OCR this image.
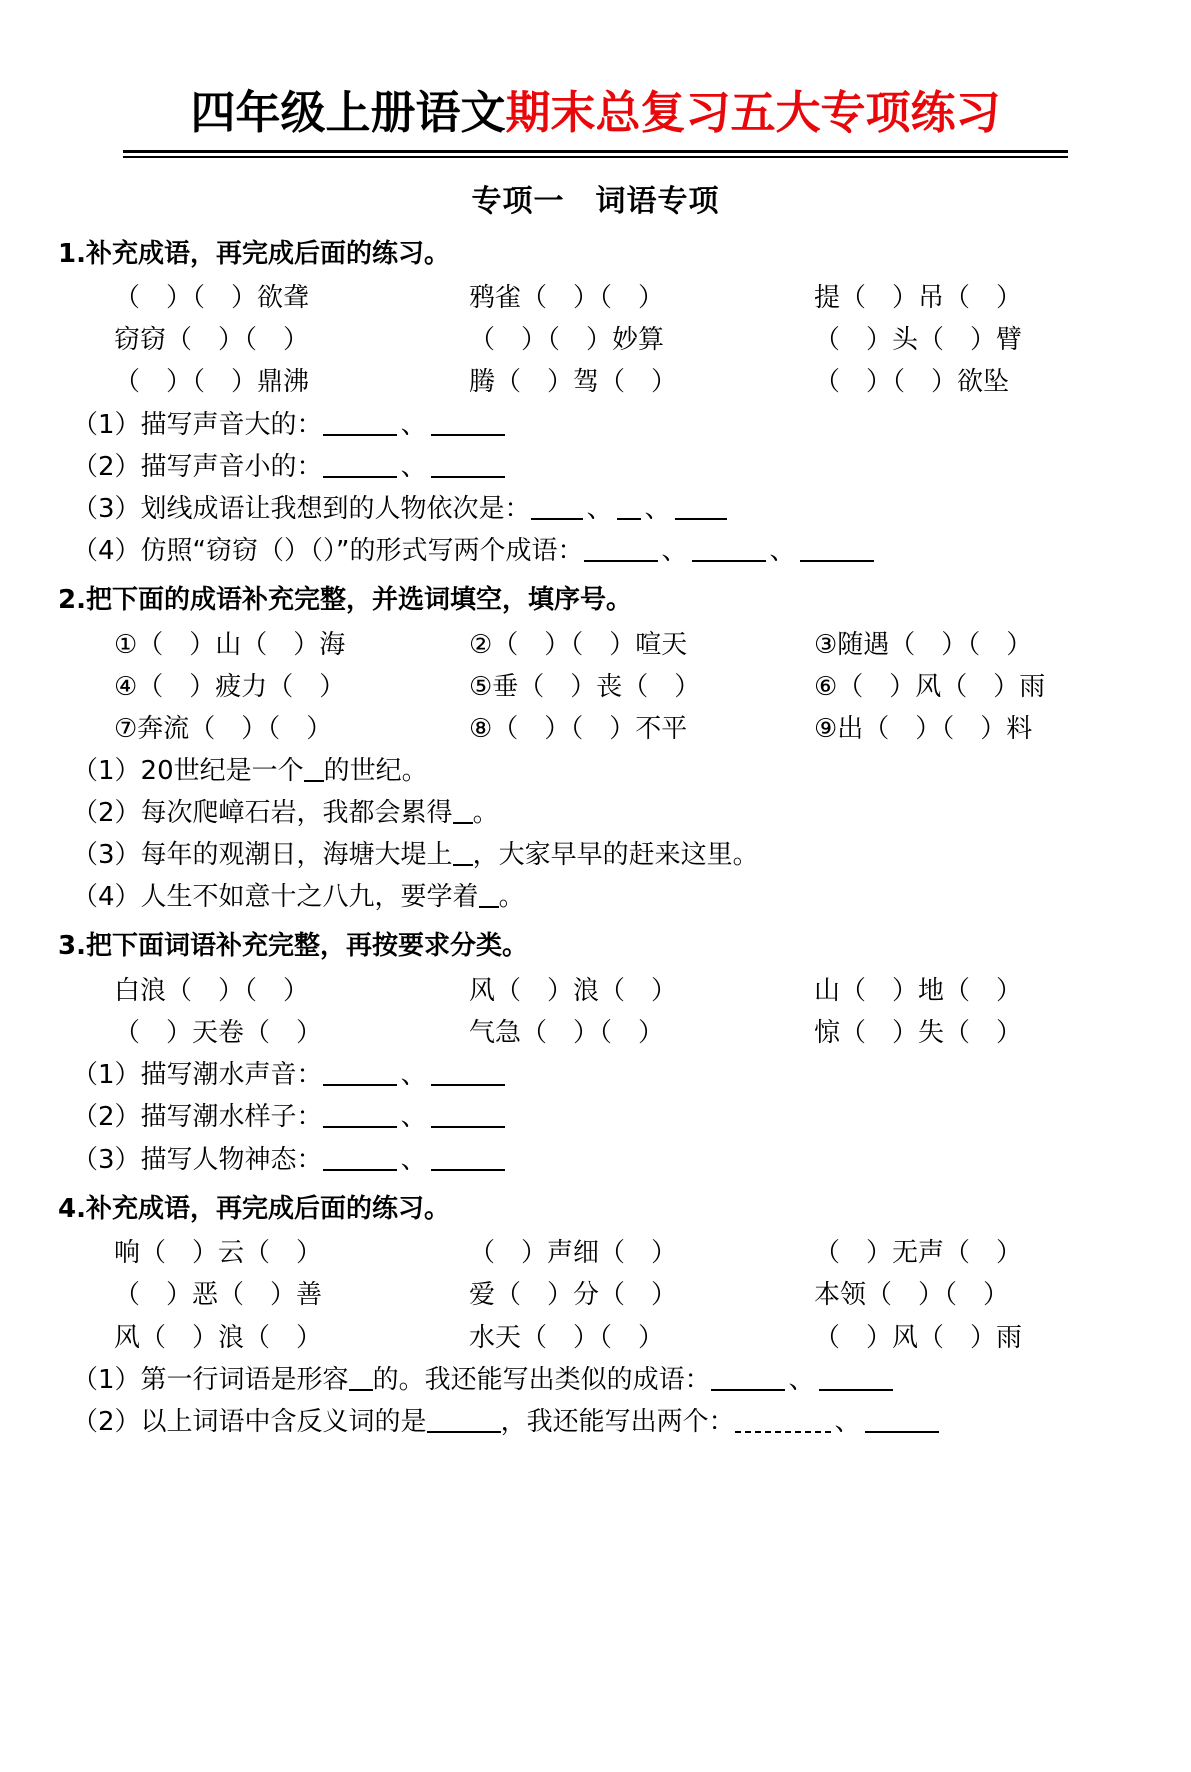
四年级上册语文期末总复习五大专项练习
专项一　词语专项
1.补充成语，再完成后面的练习。
（　）（　）欲聋	鸦雀（　）（　）	提（　）吊（　）
窃窃（　）（　）	（　）（　）妙算	（　）头（　）臂
（　）（　）鼎沸	腾（　）驾（　）	（　）（　）欲坠
（1）描写声音大的：	、
（2）描写声音小的：	、
（3）划线成语让我想到的人物依次是： 、 、
（4）仿照“窃窃（）（）”的形式写两个成语：	、	、
2.把下面的成语补充完整，并选词填空，填序号。
①（　）山（　）海	②（　）（　）喧天	③随遇（　）（　）
④（　）疲力（　）	⑤垂（　）丧（　）	⑥（　）风（　）雨
⑦奔流（　）（　）	⑧（　）（　）不平	⑨出（　）（　）料
（1）20世纪是一个 的世纪。
（2）每次爬嶂石岩，我都会累得 。
（3）每年的观潮日，海塘大堤上 ，大家早早的赶来这里。
（4）人生不如意十之八九，要学着 。
3.把下面词语补充完整，再按要求分类。
白浪（　）（　）	风（　）浪（　）	山（　）地（　）
（　）天卷（　）	气急（　）（　）	惊（　）失（　）
（1）描写潮水声音：	、
（2）描写潮水样子：	、
（3）描写人物神态：	、
4.补充成语，再完成后面的练习。
响（　）云（　）	（　）声细（　）	（　）无声（　）
（　）恶（　）善	爱（　）分（　）	本领（　）（　）
风（　）浪（　）	水天（　）（　）	（　）风（　）雨
（1）第一行词语是形容 的。我还能写出类似的成语：	、
（2）以上词语中含反义词的是	，我还能写出两个：	、
